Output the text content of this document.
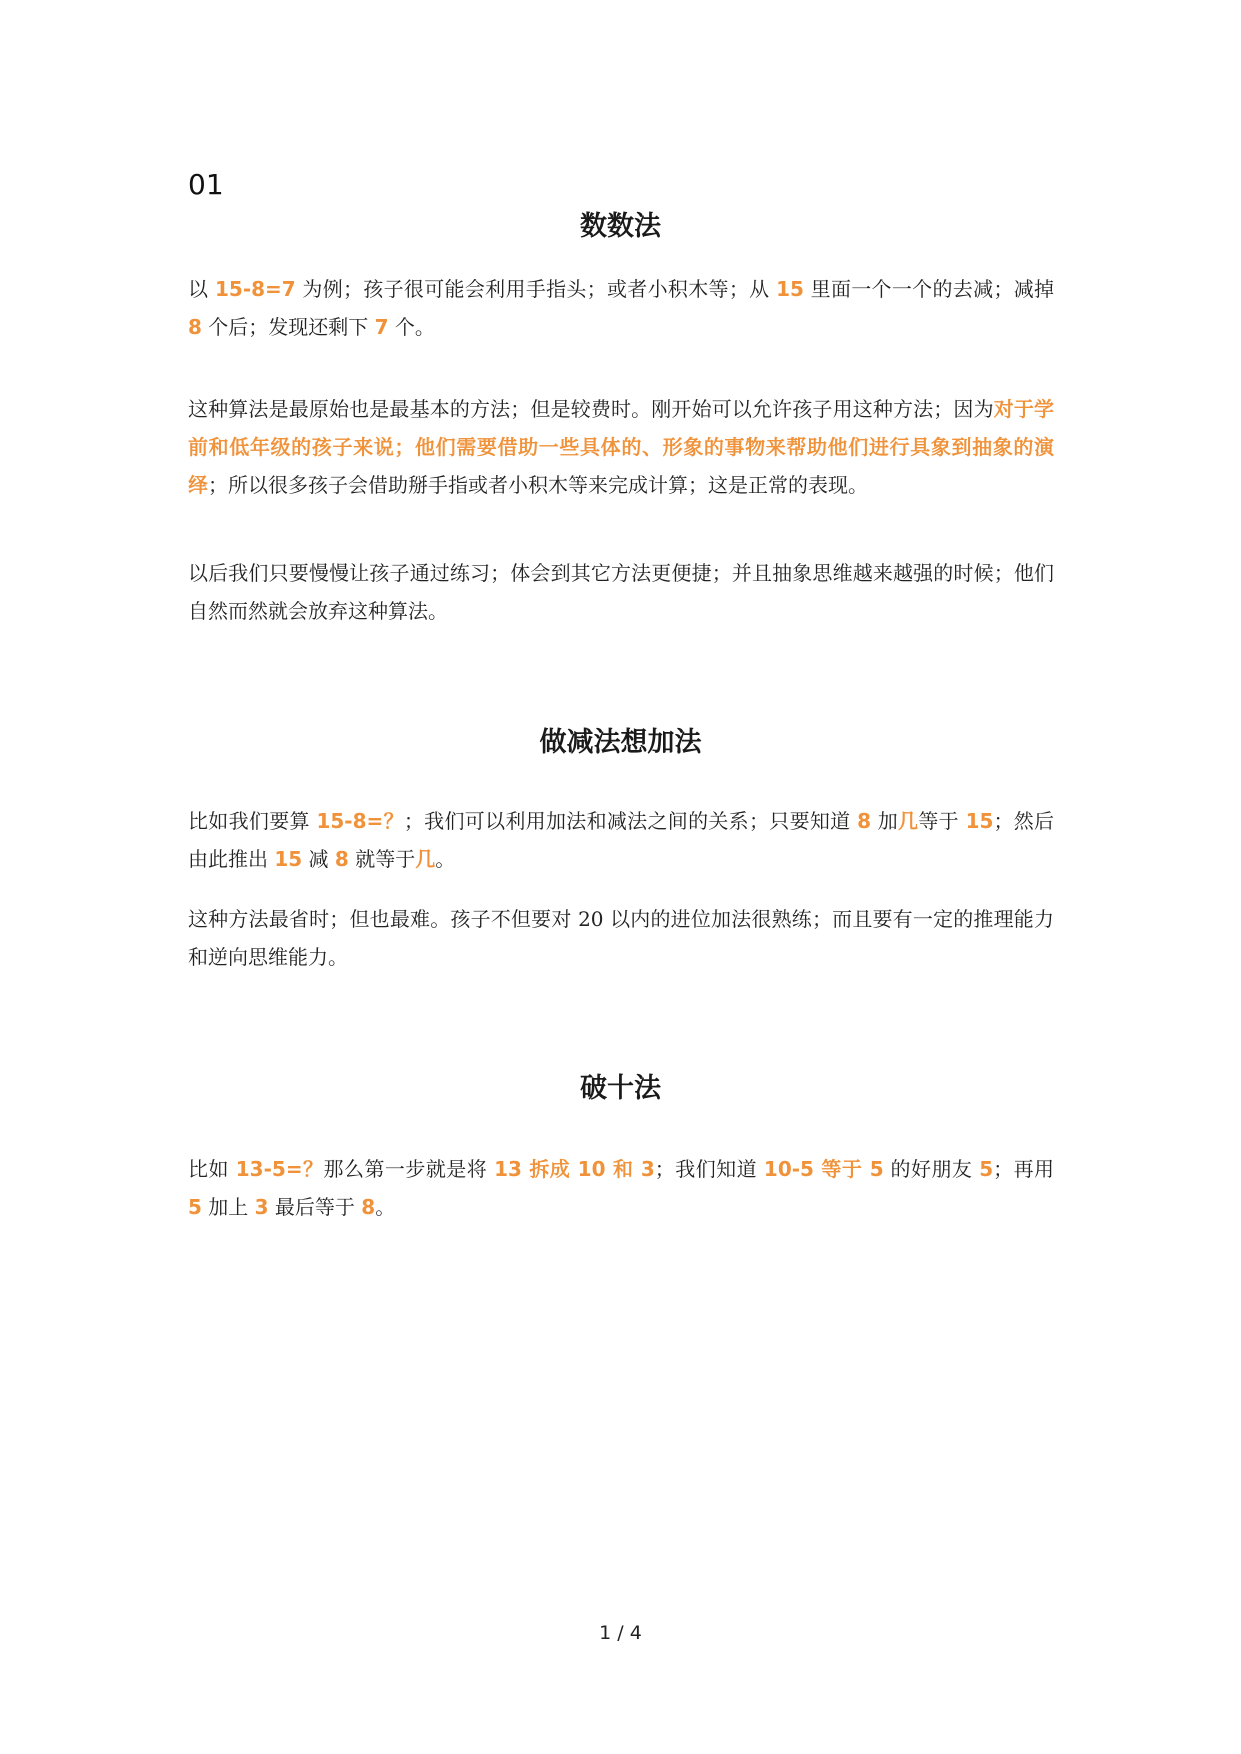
01
数数法

以 15-8=7 为例；孩子很可能会利用手指头；或者小积木等；从 15 里面一个一个的去减；减掉 8 个后；发现还剩下 7 个。

这种算法是最原始也是最基本的方法；但是较费时。刚开始可以允许孩子用这种方法；因为对于学前和低年级的孩子来说；他们需要借助一些具体的、形象的事物来帮助他们进行具象到抽象的演绎；所以很多孩子会借助掰手指或者小积木等来完成计算；这是正常的表现。

以后我们只要慢慢让孩子通过练习；体会到其它方法更便捷；并且抽象思维越来越强的时候；他们自然而然就会放弃这种算法。

做减法想加法

比如我们要算 15-8=？；我们可以利用加法和减法之间的关系；只要知道 8 加几等于 15；然后由此推出 15 减 8 就等于几。

这种方法最省时；但也最难。孩子不但要对 20 以内的进位加法很熟练；而且要有一定的推理能力和逆向思维能力。

破十法

比如 13-5=？那么第一步就是将 13 拆成 10 和 3；我们知道 10-5 等于 5 的好朋友 5；再用 5 加上 3 最后等于 8。

1 / 4
